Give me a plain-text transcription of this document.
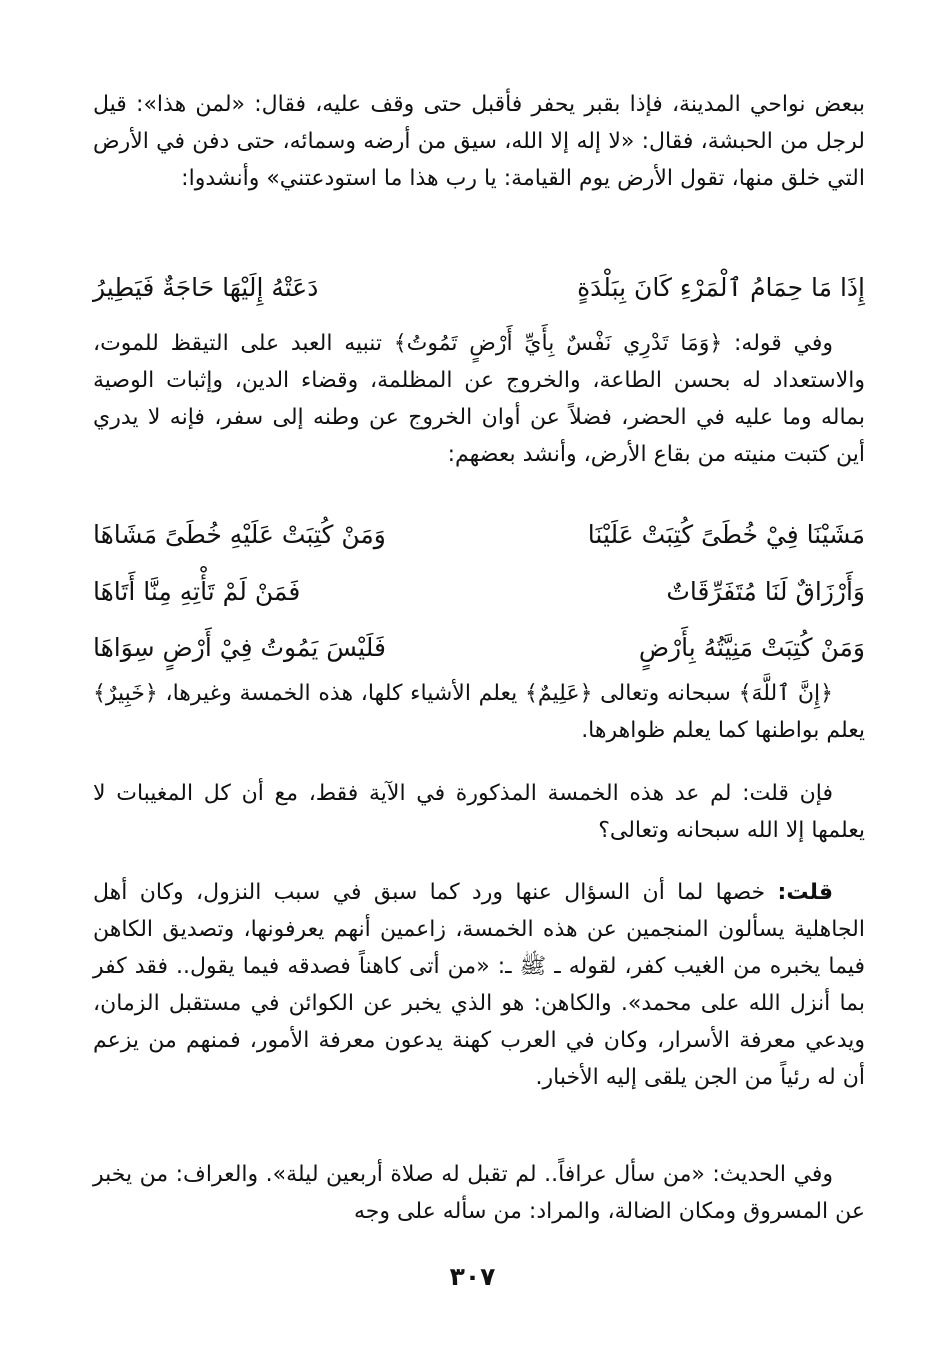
ببعض نواحي المدينة، فإذا بقبر يحفر فأقبل حتى وقف عليه، فقال: «لمن هذا»: قيل لرجل من الحبشة، فقال: «لا إله إلا الله، سيق من أرضه وسمائه، حتى دفن في الأرض التي خلق منها، تقول الأرض يوم القيامة: يا رب هذا ما استودعتني» وأنشدوا:

إِذَا مَا حِمَامُ ٱلْمَرْءِ كَانَ بِبَلْدَةٍ
دَعَتْهُ إِلَيْهَا حَاجَةٌ فَيَطِيرُ

وفي قوله: ﴿وَمَا تَدْرِي نَفْسٌ بِأَيِّ أَرْضٍ تَمُوتُ﴾ تنبيه العبد على التيقظ للموت، والاستعداد له بحسن الطاعة، والخروج عن المظلمة، وقضاء الدين، وإثبات الوصية بماله وما عليه في الحضر، فضلاً عن أوان الخروج عن وطنه إلى سفر، فإنه لا يدري أين كتبت منيته من بقاع الأرض، وأنشد بعضهم:

مَشَيْنَا فِيْ خُطَىً كُتِبَتْ عَلَيْنَا
وَمَنْ كُتِبَتْ عَلَيْهِ خُطَىً مَشَاهَا
وَأَرْزَاقٌ لَنَا مُتَفَرِّقَاتٌ
فَمَنْ لَمْ تَأْتِهِ مِنَّا أَتَاهَا
وَمَنْ كُتِبَتْ مَنِيَّتُهُ بِأَرْضٍ
فَلَيْسَ يَمُوتُ فِيْ أَرْضٍ سِوَاهَا

﴿إِنَّ ٱللَّهَ﴾ سبحانه وتعالى ﴿عَلِيمٌ﴾ يعلم الأشياء كلها، هذه الخمسة وغيرها، ﴿خَبِيرٌ﴾ يعلم بواطنها كما يعلم ظواهرها.

فإن قلت: لم عد هذه الخمسة المذكورة في الآية فقط، مع أن كل المغيبات لا يعلمها إلا الله سبحانه وتعالى؟

قلت: خصها لما أن السؤال عنها ورد كما سبق في سبب النزول، وكان أهل الجاهلية يسألون المنجمين عن هذه الخمسة، زاعمين أنهم يعرفونها، وتصديق الكاهن فيما يخبره من الغيب كفر، لقوله ـ ﷺ ـ: «من أتى كاهناً فصدقه فيما يقول.. فقد كفر بما أنزل الله على محمد». والكاهن: هو الذي يخبر عن الكوائن في مستقبل الزمان، ويدعي معرفة الأسرار، وكان في العرب كهنة يدعون معرفة الأمور، فمنهم من يزعم أن له رئياً من الجن يلقى إليه الأخبار.

وفي الحديث: «من سأل عرافاً.. لم تقبل له صلاة أربعين ليلة». والعراف: من يخبر عن المسروق ومكان الضالة، والمراد: من سأله على وجه

٣٠٧
